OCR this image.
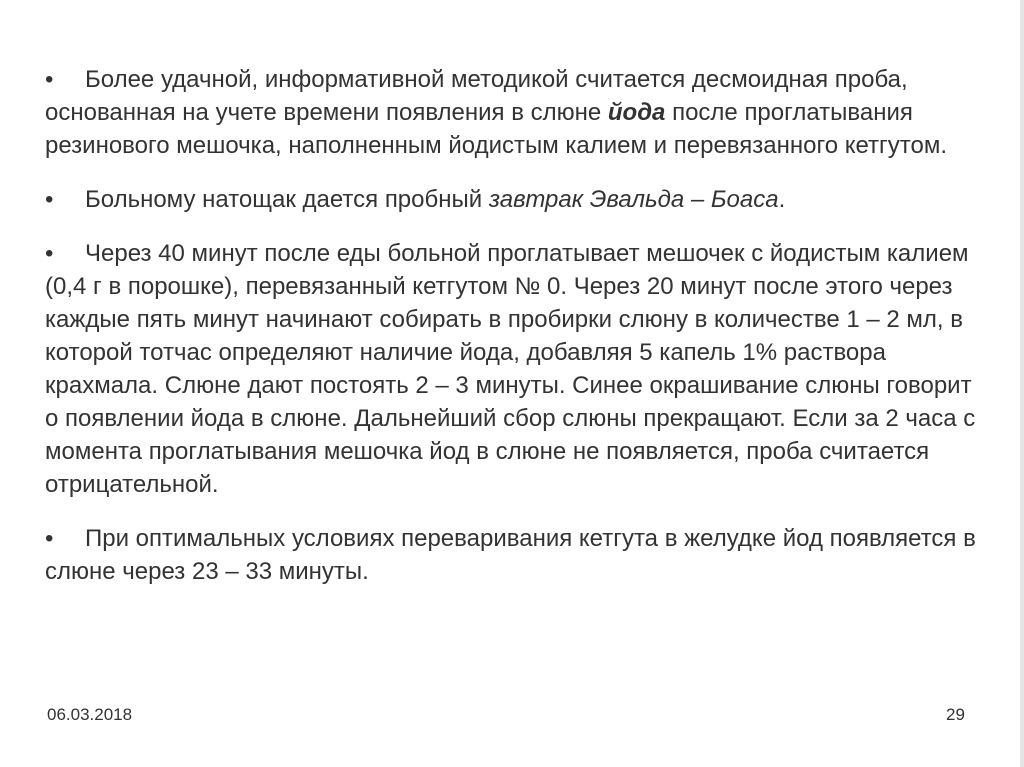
• Более удачной, информативной методикой считается десмоидная проба, основанная на учете времени появления в слюне йода после проглатывания резинового мешочка, наполненным йодистым калием и перевязанного кетгутом.

• Больному натощак дается пробный завтрак Эвальда – Боаса.

• Через 40 минут после еды больной проглатывает мешочек с йодистым калием (0,4 г в порошке), перевязанный кетгутом № 0. Через 20 минут после этого через каждые пять минут начинают собирать в пробирки слюну в количестве 1 – 2 мл, в которой тотчас определяют наличие йода, добавляя 5 капель 1% раствора крахмала. Слюне дают постоять 2 – 3 минуты. Синее окрашивание слюны говорит о появлении йода в слюне. Дальнейший сбор слюны прекращают. Если за 2 часа с момента проглатывания мешочка йод в слюне не появляется, проба считается отрицательной.

• При оптимальных условиях переваривания кетгута в желудке йод появляется в слюне через 23 – 33 минуты.

06.03.2018	29
